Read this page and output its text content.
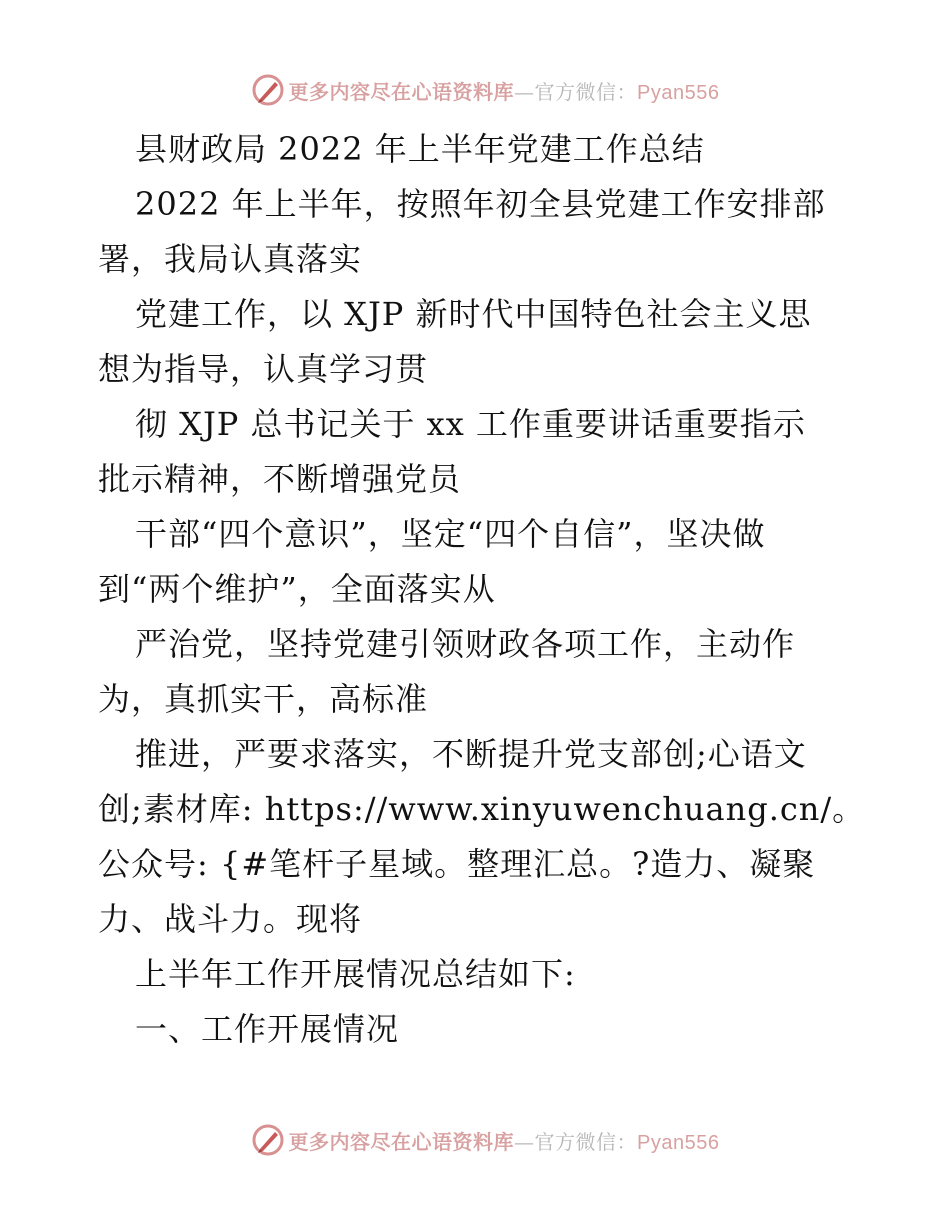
更多内容尽在心语资料库—官方微信：Pyan556
县财政局 2022 年上半年党建工作总结
2022 年上半年，按照年初全县党建工作安排部
署，我局认真落实
党建工作，以 XJP 新时代中国特色社会主义思
想为指导，认真学习贯
彻 XJP 总书记关于 xx 工作重要讲话重要指示
批示精神，不断增强党员
干部“四个意识”，坚定“四个自信”，坚决做
到“两个维护”，全面落实从
严治党，坚持党建引领财政各项工作，主动作
为，真抓实干，高标准
推进，严要求落实，不断提升党支部创;心语文
创;素材库: https://www.xinyuwenchuang.cn/。
公众号: {#笔杆子星域。整理汇总。?造力、凝聚
力、战斗力。现将
上半年工作开展情况总结如下:
一、工作开展情况
更多内容尽在心语资料库—官方微信：Pyan556
